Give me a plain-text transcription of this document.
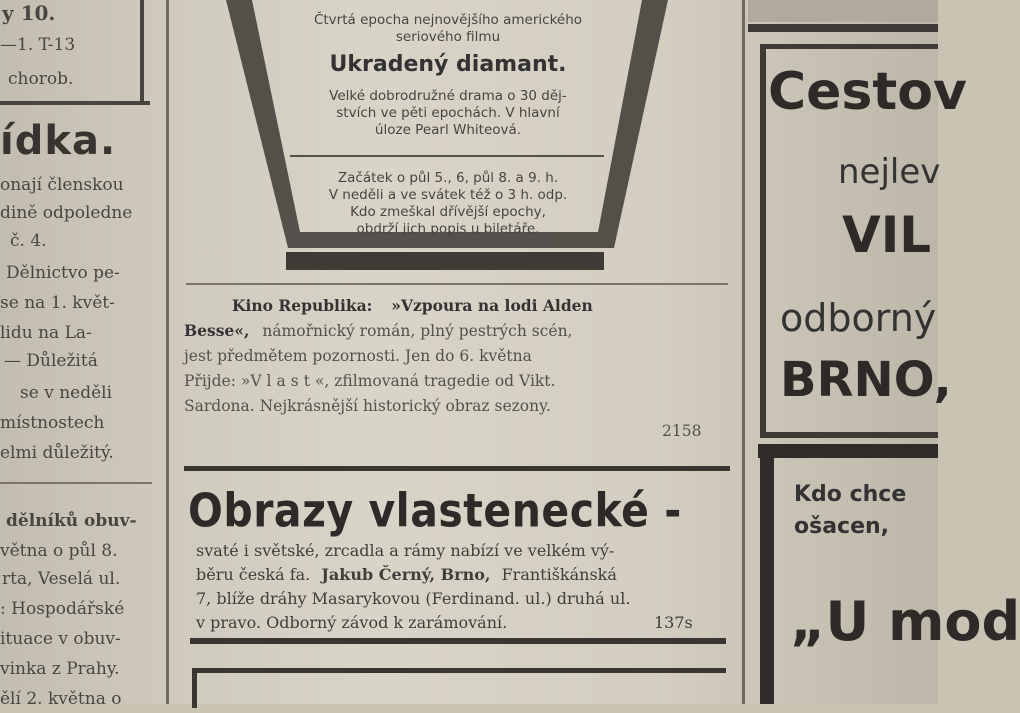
y 10.
—1. T-13
chorob.
ídka.
onají člensk​ou
dině odpoledne
č. 4.
Dělnictvo pe-
se na 1. květ-
lidu na La-
— Důležitá
se v neděli
místnostech
elmi důležitý.
dělníků obuv-
větna o půl 8.
rta, Veselá ul.
: Hospodářské
ituace v obuv-
vinka z Prahy.
ělí 2. května o
Čtvrtá epocha nejnovějšího amerického
seriového filmu
Ukradený diamant.
Velké dobrodružné drama o 30 děj-
stvích ve pěti epochách. V hlavní
úloze Pearl Whiteová.
Začátek o půl 5., 6, půl 8. a 9. h.
V neděli a ve svátek též o 3 h. odp.
Kdo zmeškal dřívější epochy,
obdrží jich popis u biletáře.
Kino Republika: »Vzpoura na lodi Alden
Besse«, námořnický román, plný pestrých scén,
jest předmětem pozornosti. Jen do 6. května
Přijde: »Vlast«, zfilmovaná tragedie od Vikt.
Sardona. Nejkrásnější historický obraz sezony.
2158
Obrazy vlastenecké -
svaté i světské, zrcadla a rámy nabízí ve velkém vý-
běru česká fa. Jakub Černý, Brno, Františkánská
7, blíže dráhy Masarykovou (Ferdinand. ul.) druhá ul.
v pravo. Odborný závod k zarámování.	137s
Cestov
nejlev
VIL
odborný
BRNO,
Kdo chce
ošacen,
„U mod
